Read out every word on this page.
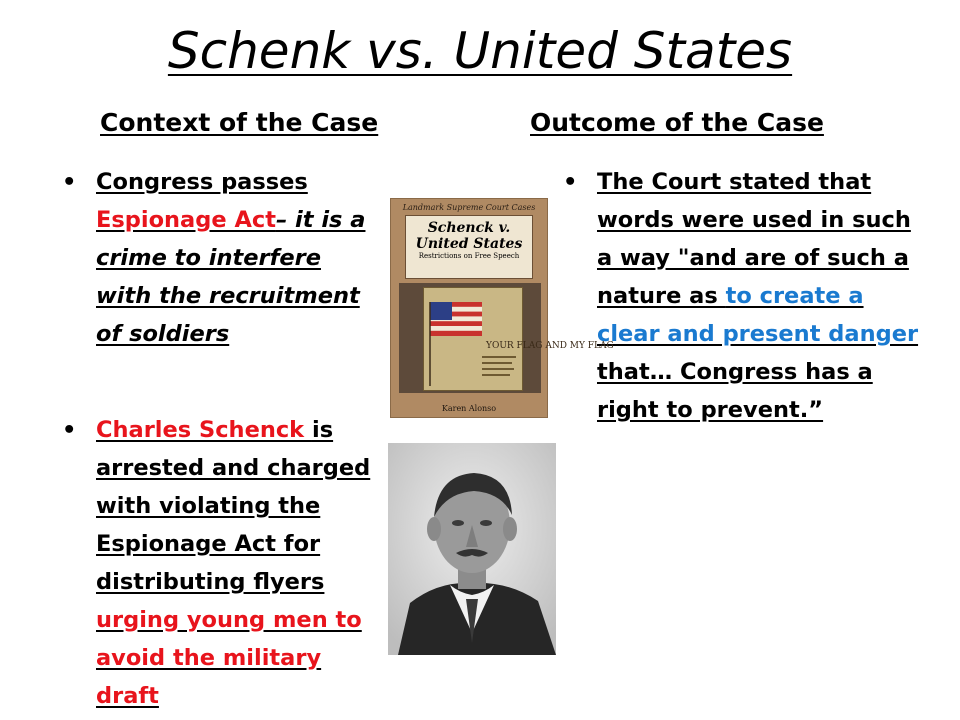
Schenk vs. United States
Context of the Case	Outcome of the Case
• Congress passes Espionage Act– it is a crime to interfere with the recruitment of soldiers
• Charles Schenck is arrested and charged with violating the Espionage Act for distributing flyers urging young men to avoid the military draft
• The Court stated that words were used in such a way "and are of such a nature as to create a clear and present danger that… Congress has a right to prevent.”
Landmark Supreme Court Cases
Schenck v.
United States
Restrictions on Free Speech
YOUR FLAG AND MY FLAG
Karen Alonso
